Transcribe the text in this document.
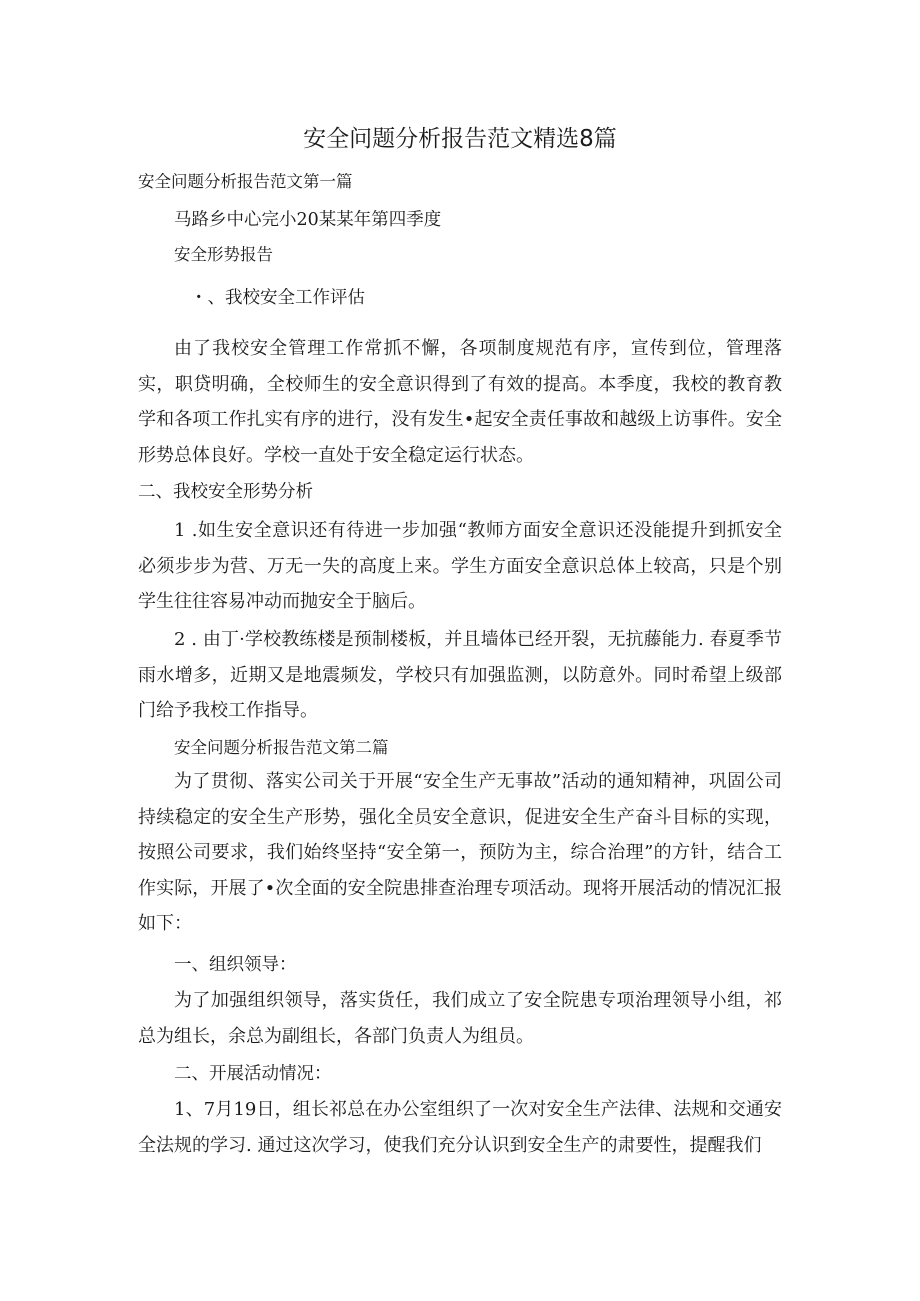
安全问题分析报告范文精选8篇
安全问题分析报告范文第一篇
马路乡中心完小20某某年第四季度
安全形势报告
・、我校安全工作评估

由了我校安全管理工作常抓不懈，各项制度规范有序，宣传到位，管理落实，职贷明确，全校师生的安全意识得到了有效的提高。本季度，我校的教育教学和各项工作扎实有序的进行，没有发生•起安全责任事故和越级上访事件。安全形势总体良好。学校一直处于安全稳定运行状态。

二、我校安全形势分析

1 .如生安全意识还有待进一步加强“教师方面安全意识还没能提升到抓安全必须步步为营、万无一失的高度上来。学生方面安全意识总体上较高，只是个别学生往往容易冲动而抛安全于脑后。

2 . 由丁·学校教练楼是预制楼板，并且墙体已经开裂，无抗藤能力. 春夏季节雨水增多，近期又是地震频发，学校只有加强监测，以防意外。同时希望上级部门给予我校工作指导。

安全问题分析报告范文第二篇

为了贯彻、落实公司关于开展“安全生产无事故”活动的通知精神，巩固公司持续稳定的安全生产形势，强化全员安全意识，促进安全生产奋斗目标的实现，按照公司要求，我们始终坚持“安全第一，预防为主，综合治理”的方针，结合工作实际，开展了•次全面的安全院患排查治理专项活动。现将开展活动的情况汇报如下：

一、组织领导：

为了加强组织领导，落实货任，我们成立了安全院患专项治理领导小组，祁总为组长，余总为副组长，各部门负责人为组员。

二、开展活动情况：

1、7月19日，组长祁总在办公室组织了一次对安全生产法律、法规和交通安全法规的学习. 通过这次学习，使我们充分认识到安全生产的肃要性，提醒我们
